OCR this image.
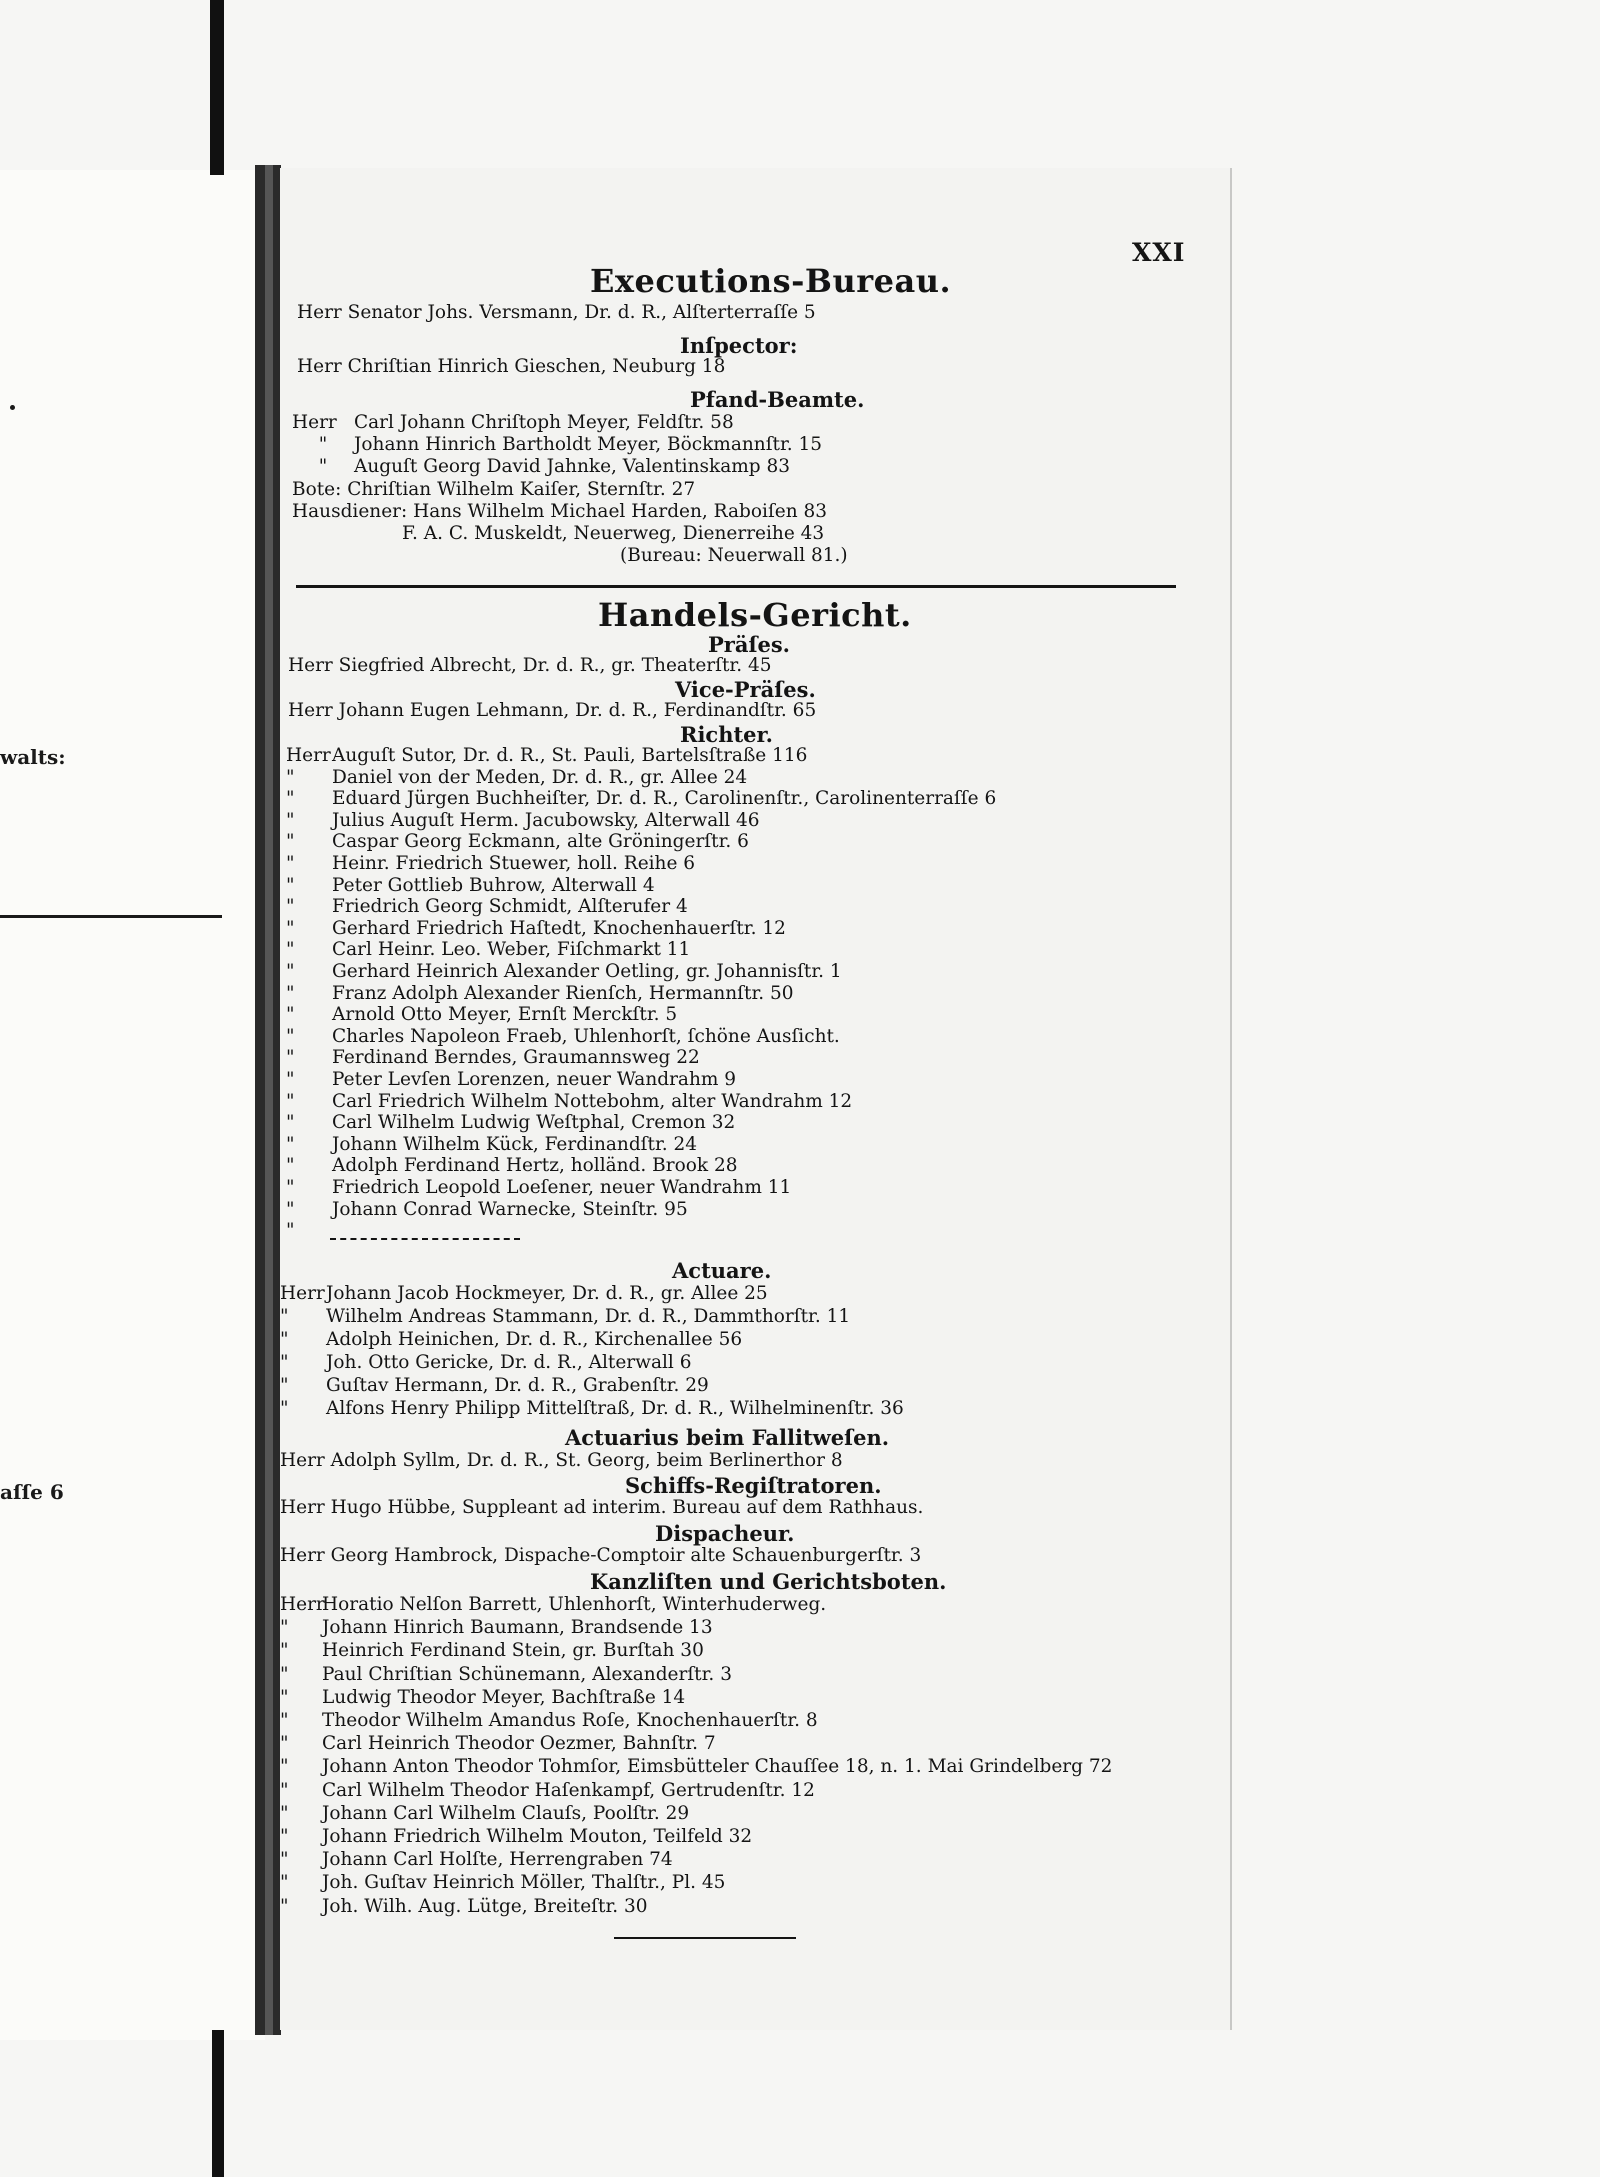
walts:
aſſe 6
XXI
Executions-Bureau.
Herr Senator Johs. Versmann, Dr. d. R., Alſterterraſſe 5
Inſpector:
Herr Chriſtian Hinrich Gieschen, Neuburg 18
Pfand-Beamte.
Herr Carl Johann Chriſtoph Meyer, Feldſtr. 58
" Johann Hinrich Bartholdt Meyer, Böckmannſtr. 15
" Auguſt Georg David Jahnke, Valentinskamp 83
Bote: Chriſtian Wilhelm Kaiſer, Sternſtr. 27
Hausdiener: Hans Wilhelm Michael Harden, Raboiſen 83
F. A. C. Muskeldt, Neuerweg, Dienerreihe 43
(Bureau: Neuerwall 81.)
Handels-Gericht.
Präſes.
Herr Siegfried Albrecht, Dr. d. R., gr. Theaterſtr. 45
Vice-Präſes.
Herr Johann Eugen Lehmann, Dr. d. R., Ferdinandſtr. 65
Richter.
HerrAuguſt Sutor, Dr. d. R., St. Pauli, Bartelsſtraße 116
" Daniel von der Meden, Dr. d. R., gr. Allee 24
" Eduard Jürgen Buchheiſter, Dr. d. R., Carolinenſtr., Carolinenterraſſe 6
" Julius Auguſt Herm. Jacubowsky, Alterwall 46
" Caspar Georg Eckmann, alte Gröningerſtr. 6
" Heinr. Friedrich Stuewer, holl. Reihe 6
" Peter Gottlieb Buhrow, Alterwall 4
" Friedrich Georg Schmidt, Alſterufer 4
" Gerhard Friedrich Haſtedt, Knochenhauerſtr. 12
" Carl Heinr. Leo. Weber, Fiſchmarkt 11
" Gerhard Heinrich Alexander Oetling, gr. Johannisſtr. 1
" Franz Adolph Alexander Rienſch, Hermannſtr. 50
" Arnold Otto Meyer, Ernſt Merckſtr. 5
" Charles Napoleon Fraeb, Uhlenhorſt, ſchöne Ausſicht.
" Ferdinand Berndes, Graumannsweg 22
" Peter Levſen Lorenzen, neuer Wandrahm 9
" Carl Friedrich Wilhelm Nottebohm, alter Wandrahm 12
" Carl Wilhelm Ludwig Weſtphal, Cremon 32
" Johann Wilhelm Kück, Ferdinandſtr. 24
" Adolph Ferdinand Hertz, holländ. Brook 28
" Friedrich Leopold Loeſener, neuer Wandrahm 11
" Johann Conrad Warnecke, Steinſtr. 95
"
Actuare.
HerrJohann Jacob Hockmeyer, Dr. d. R., gr. Allee 25
" Wilhelm Andreas Stammann, Dr. d. R., Dammthorſtr. 11
" Adolph Heinichen, Dr. d. R., Kirchenallee 56
" Joh. Otto Gericke, Dr. d. R., Alterwall 6
" Guſtav Hermann, Dr. d. R., Grabenſtr. 29
" Alfons Henry Philipp Mittelſtraß, Dr. d. R., Wilhelminenſtr. 36
Actuarius beim Fallitweſen.
Herr Adolph Syllm, Dr. d. R., St. Georg, beim Berlinerthor 8
Schiffs-Regiſtratoren.
Herr Hugo Hübbe, Suppleant ad interim. Bureau auf dem Rathhaus.
Dispacheur.
Herr Georg Hambrock, Dispache-Comptoir alte Schauenburgerſtr. 3
Kanzliſten und Gerichtsboten.
HerrHoratio Nelſon Barrett, Uhlenhorſt, Winterhuderweg.
" Johann Hinrich Baumann, Brandsende 13
" Heinrich Ferdinand Stein, gr. Burſtah 30
" Paul Chriſtian Schünemann, Alexanderſtr. 3
" Ludwig Theodor Meyer, Bachſtraße 14
" Theodor Wilhelm Amandus Roſe, Knochenhauerſtr. 8
" Carl Heinrich Theodor Oezmer, Bahnſtr. 7
" Johann Anton Theodor Tohmſor, Eimsbütteler Chauſſee 18, n. 1. Mai Grindelberg 72
" Carl Wilhelm Theodor Haſenkampf, Gertrudenſtr. 12
" Johann Carl Wilhelm Clauſs, Poolſtr. 29
" Johann Friedrich Wilhelm Mouton, Teilfeld 32
" Johann Carl Holſte, Herrengraben 74
" Joh. Guſtav Heinrich Möller, Thalſtr., Pl. 45
" Joh. Wilh. Aug. Lütge, Breiteſtr. 30
